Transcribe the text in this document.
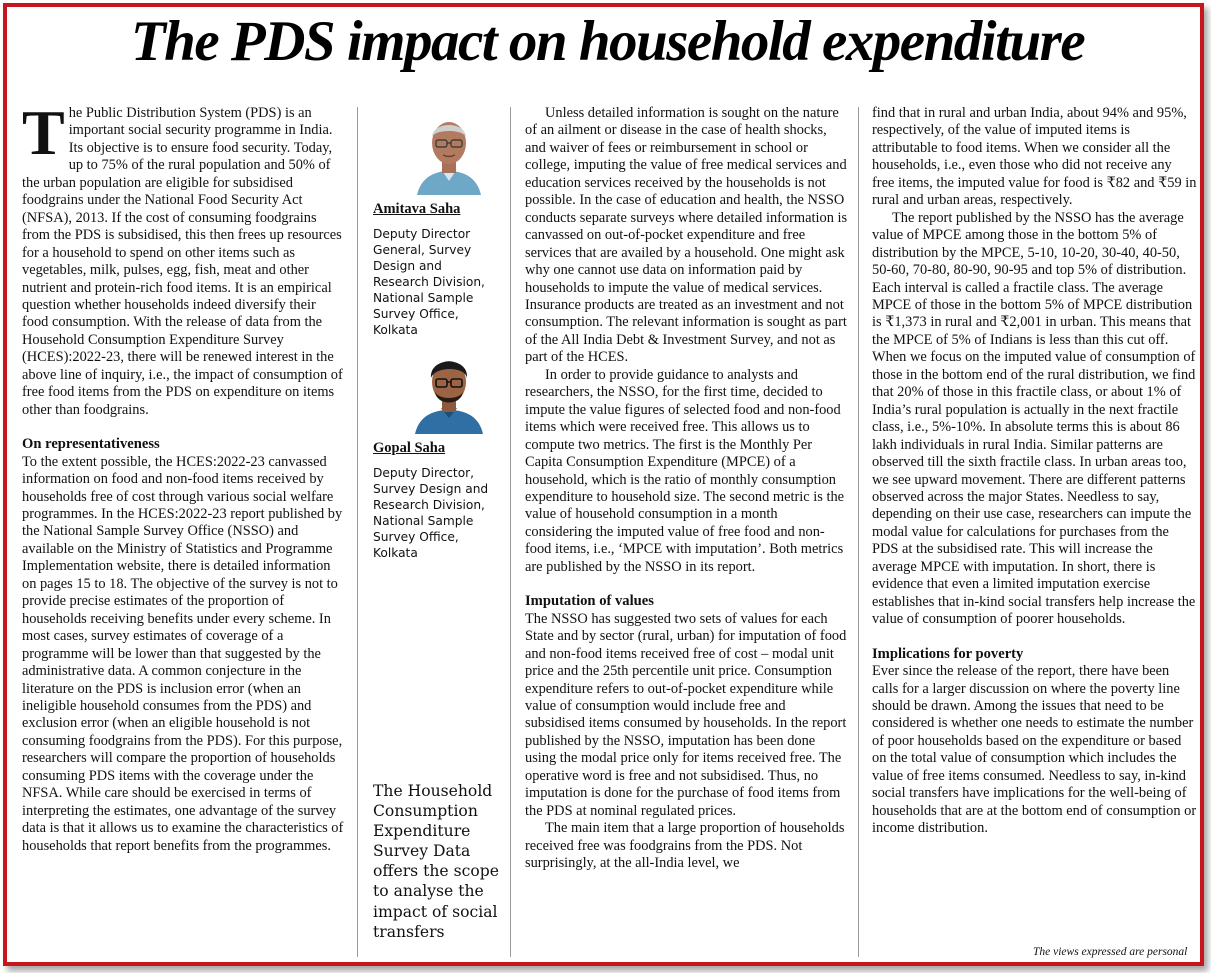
The PDS impact on household expenditure

The Public Distribution System (PDS) is an important social security programme in India. Its objective is to ensure food security. Today, up to 75% of the rural population and 50% of the urban population are eligible for subsidised foodgrains under the National Food Security Act (NFSA), 2013. If the cost of consuming foodgrains from the PDS is subsidised, this then frees up resources for a household to spend on other items such as vegetables, milk, pulses, egg, fish, meat and other nutrient and protein-rich food items. It is an empirical question whether households indeed diversify their food consumption. With the release of data from the Household Consumption Expenditure Survey (HCES):2022-23, there will be renewed interest in the above line of inquiry, i.e., the impact of consumption of free food items from the PDS on expenditure on items other than foodgrains.

On representativeness

To the extent possible, the HCES:2022-23 canvassed information on food and non-food items received by households free of cost through various social welfare programmes. In the HCES:2022-23 report published by the National Sample Survey Office (NSSO) and available on the Ministry of Statistics and Programme Implementation website, there is detailed information on pages 15 to 18. The objective of the survey is not to provide precise estimates of the proportion of households receiving benefits under every scheme. In most cases, survey estimates of coverage of a programme will be lower than that suggested by the administrative data. A common conjecture in the literature on the PDS is inclusion error (when an ineligible household consumes from the PDS) and exclusion error (when an eligible household is not consuming foodgrains from the PDS). For this purpose, researchers will compare the proportion of households consuming PDS items with the coverage under the NFSA. While care should be exercised in terms of interpreting the estimates, one advantage of the survey data is that it allows us to examine the characteristics of households that report benefits from the programmes.

Amitava Saha
Deputy Director General, Survey Design and Research Division, National Sample Survey Office, Kolkata
Gopal Saha
Deputy Director, Survey Design and Research Division, National Sample Survey Office, Kolkata
The Household Consumption Expenditure Survey Data offers the scope to analyse the impact of social transfers

Unless detailed information is sought on the nature of an ailment or disease in the case of health shocks, and waiver of fees or reimbursement in school or college, imputing the value of free medical services and education services received by the households is not possible. In the case of education and health, the NSSO conducts separate surveys where detailed information is canvassed on out-of-pocket expenditure and free services that are availed by a household. One might ask why one cannot use data on information paid by households to impute the value of medical services. Insurance products are treated as an investment and not consumption. The relevant information is sought as part of the All India Debt & Investment Survey, and not as part of the HCES.

In order to provide guidance to analysts and researchers, the NSSO, for the first time, decided to impute the value figures of selected food and non-food items which were received free. This allows us to compute two metrics. The first is the Monthly Per Capita Consumption Expenditure (MPCE) of a household, which is the ratio of monthly consumption expenditure to household size. The second metric is the value of household consumption in a month considering the imputed value of free food and non-food items, i.e., ‘MPCE with imputation’. Both metrics are published by the NSSO in its report.

Imputation of values

The NSSO has suggested two sets of values for each State and by sector (rural, urban) for imputation of food and non-food items received free of cost – modal unit price and the 25th percentile unit price. Consumption expenditure refers to out-of-pocket expenditure while value of consumption would include free and subsidised items consumed by households. In the report published by the NSSO, imputation has been done using the modal price only for items received free. The operative word is free and not subsidised. Thus, no imputation is done for the purchase of food items from the PDS at nominal regulated prices.

The main item that a large proportion of households received free was foodgrains from the PDS. Not surprisingly, at the all-India level, we

find that in rural and urban India, about 94% and 95%, respectively, of the value of imputed items is attributable to food items. When we consider all the households, i.e., even those who did not receive any free items, the imputed value for food is ₹82 and ₹59 in rural and urban areas, respectively.

The report published by the NSSO has the average value of MPCE among those in the bottom 5% of distribution by the MPCE, 5-10, 10-20, 30-40, 40-50, 50-60, 70-80, 80-90, 90-95 and top 5% of distribution. Each interval is called a fractile class. The average MPCE of those in the bottom 5% of MPCE distribution is ₹1,373 in rural and ₹2,001 in urban. This means that the MPCE of 5% of Indians is less than this cut off. When we focus on the imputed value of consumption of those in the bottom end of the rural distribution, we find that 20% of those in this fractile class, or about 1% of India’s rural population is actually in the next fractile class, i.e., 5%-10%. In absolute terms this is about 86 lakh individuals in rural India. Similar patterns are observed till the sixth fractile class. In urban areas too, we see upward movement. There are different patterns observed across the major States. Needless to say, depending on their use case, researchers can impute the modal value for calculations for purchases from the PDS at the subsidised rate. This will increase the average MPCE with imputation. In short, there is evidence that even a limited imputation exercise establishes that in-kind social transfers help increase the value of consumption of poorer households.

Implications for poverty

Ever since the release of the report, there have been calls for a larger discussion on where the poverty line should be drawn. Among the issues that need to be considered is whether one needs to estimate the number of poor households based on the expenditure or based on the total value of consumption which includes the value of free items consumed. Needless to say, in-kind social transfers have implications for the well-being of households that are at the bottom end of consumption or income distribution.

The views expressed are personal
